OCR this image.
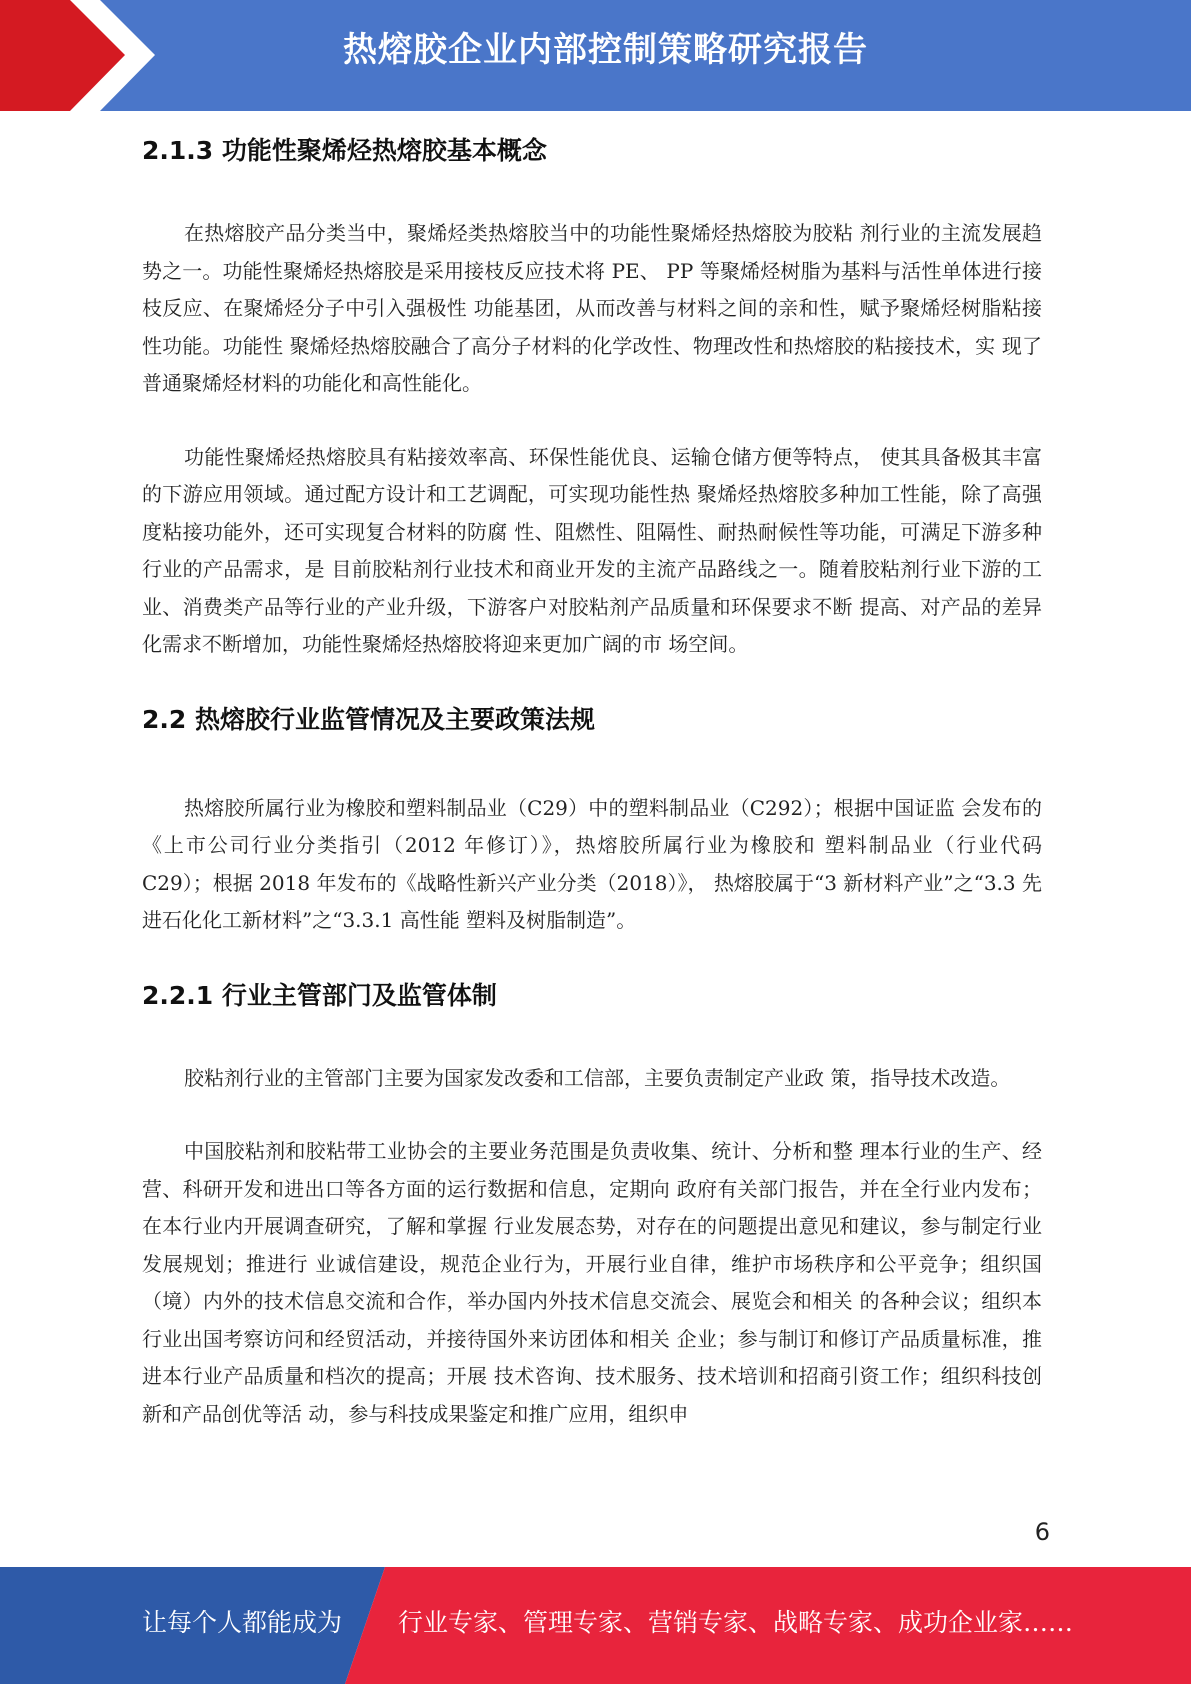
热熔胶企业内部控制策略研究报告
2.1.3 功能性聚烯烃热熔胶基本概念

在热熔胶产品分类当中，聚烯烃类热熔胶当中的功能性聚烯烃热熔胶为胶粘 剂行业的主流发展趋势之一。功能性聚烯烃热熔胶是采用接枝反应技术将 PE、 PP 等聚烯烃树脂为基料与活性单体进行接枝反应、在聚烯烃分子中引入强极性 功能基团，从而改善与材料之间的亲和性，赋予聚烯烃树脂粘接性功能。功能性 聚烯烃热熔胶融合了高分子材料的化学改性、物理改性和热熔胶的粘接技术，实 现了普通聚烯烃材料的功能化和高性能化。

功能性聚烯烃热熔胶具有粘接效率高、环保性能优良、运输仓储方便等特点， 使其具备极其丰富的下游应用领域。通过配方设计和工艺调配，可实现功能性热 聚烯烃热熔胶多种加工性能，除了高强度粘接功能外，还可实现复合材料的防腐 性、阻燃性、阻隔性、耐热耐候性等功能，可满足下游多种行业的产品需求，是 目前胶粘剂行业技术和商业开发的主流产品路线之一。随着胶粘剂行业下游的工 业、消费类产品等行业的产业升级，下游客户对胶粘剂产品质量和环保要求不断 提高、对产品的差异化需求不断增加，功能性聚烯烃热熔胶将迎来更加广阔的市 场空间。

2.2 热熔胶行业监管情况及主要政策法规

热熔胶所属行业为橡胶和塑料制品业（C29）中的塑料制品业（C292）；根据中国证监 会发布的《上市公司行业分类指引（2012 年修订）》，热熔胶所属行业为橡胶和 塑料制品业（行业代码 C29）；根据 2018 年发布的《战略性新兴产业分类（2018）》， 热熔胶属于“3 新材料产业”之“3.3 先进石化化工新材料”之“3.3.1 高性能 塑料及树脂制造”。

2.2.1 行业主管部门及监管体制

胶粘剂行业的主管部门主要为国家发改委和工信部，主要负责制定产业政 策，指导技术改造。

中国胶粘剂和胶粘带工业协会的主要业务范围是负责收集、统计、分析和整 理本行业的生产、经营、科研开发和进出口等各方面的运行数据和信息，定期向 政府有关部门报告，并在全行业内发布；在本行业内开展调查研究，了解和掌握 行业发展态势，对存在的问题提出意见和建议，参与制定行业发展规划；推进行 业诚信建设，规范企业行为，开展行业自律，维护市场秩序和公平竞争；组织国 （境）内外的技术信息交流和合作，举办国内外技术信息交流会、展览会和相关 的各种会议；组织本行业出国考察访问和经贸活动，并接待国外来访团体和相关 企业；参与制订和修订产品质量标准，推进本行业产品质量和档次的提高；开展 技术咨询、技术服务、技术培训和招商引资工作；组织科技创新和产品创优等活 动，参与科技成果鉴定和推广应用，组织申

6
让每个人都能成为 行业专家、管理专家、营销专家、战略专家、成功企业家……
